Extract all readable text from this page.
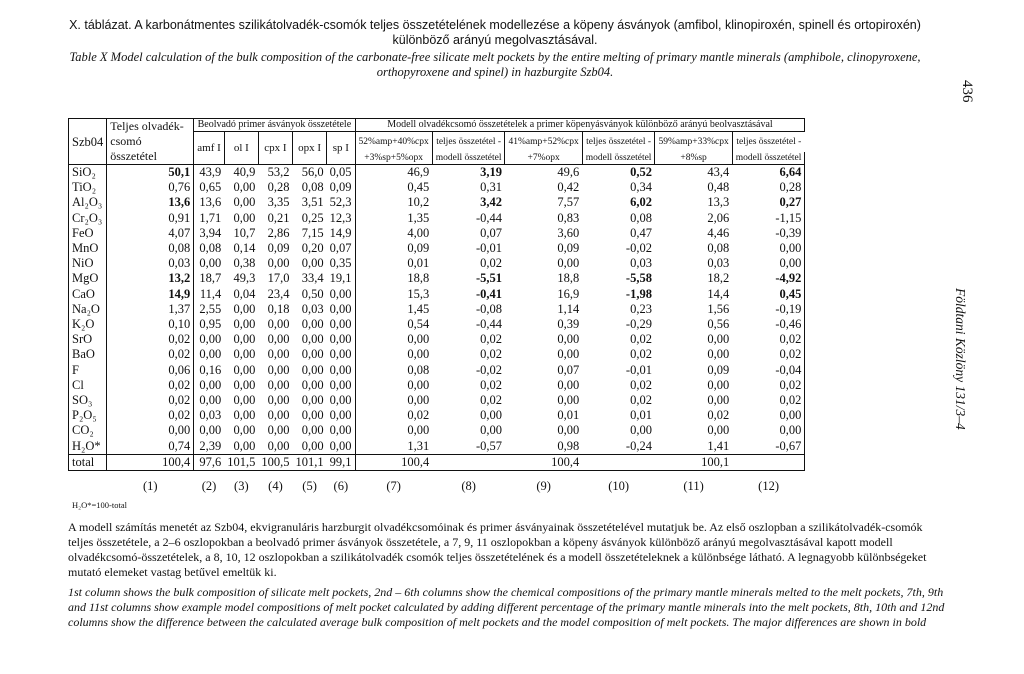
X. táblázat. A karbonátmentes szilikátolvadék-csomók teljes összetételének modellezése a köpeny ásványok (amfibol, klinopiroxén, spinell és ortopiroxén) különböző arányú megolvasztásával.
Table X Model calculation of the bulk composition of the carbonate-free silicate melt pockets by the entire melting of primary mantle minerals (amphibole, clinopyroxene, orthopyroxene and spinel) in hazburgite Szb04.
436
Földtani Közlöny 131/3–4
Szb04	Teljes olvadék-csomó összetétel	Beolvadó primer ásványok összetétele					Modell olvadékcsomó összetételek a primer köpenyásványok különböző arányú beolvasztásával					
		amf I	ol I	cpx I	opx I	sp I	52%amp+40%cpx	teljes összetétel -	41%amp+52%cpx	teljes összetétel -	59%amp+33%cpx	teljes összetétel -
							+3%sp+5%opx	modell összetétel	+7%opx	modell összetétel	+8%sp	modell összetétel
SiO₂	50,1	43,9	40,9	53,2	56,0	0,05	46,9	3,19	49,6	0,52	43,4	6,64
TiO₂	0,76	0,65	0,00	0,28	0,08	0,09	0,45	0,31	0,42	0,34	0,48	0,28
Al₂O₃	13,6	13,6	0,00	3,35	3,51	52,3	10,2	3,42	7,57	6,02	13,3	0,27
Cr₂O₃	0,91	1,71	0,00	0,21	0,25	12,3	1,35	-0,44	0,83	0,08	2,06	-1,15
FeO	4,07	3,94	10,7	2,86	7,15	14,9	4,00	0,07	3,60	0,47	4,46	-0,39
MnO	0,08	0,08	0,14	0,09	0,20	0,07	0,09	-0,01	0,09	-0,02	0,08	0,00
NiO	0,03	0,00	0,38	0,00	0,00	0,35	0,01	0,02	0,00	0,03	0,03	0,00
MgO	13,2	18,7	49,3	17,0	33,4	19,1	18,8	-5,51	18,8	-5,58	18,2	-4,92
CaO	14,9	11,4	0,04	23,4	0,50	0,00	15,3	-0,41	16,9	-1,98	14,4	0,45
Na₂O	1,37	2,55	0,00	0,18	0,03	0,00	1,45	-0,08	1,14	0,23	1,56	-0,19
K₂O	0,10	0,95	0,00	0,00	0,00	0,00	0,54	-0,44	0,39	-0,29	0,56	-0,46
SrO	0,02	0,00	0,00	0,00	0,00	0,00	0,00	0,02	0,00	0,02	0,00	0,02
BaO	0,02	0,00	0,00	0,00	0,00	0,00	0,00	0,02	0,00	0,02	0,00	0,02
F	0,06	0,16	0,00	0,00	0,00	0,00	0,08	-0,02	0,07	-0,01	0,09	-0,04
Cl	0,02	0,00	0,00	0,00	0,00	0,00	0,00	0,02	0,00	0,02	0,00	0,02
SO₃	0,02	0,00	0,00	0,00	0,00	0,00	0,00	0,02	0,00	0,02	0,00	0,02
P₂O₅	0,02	0,03	0,00	0,00	0,00	0,00	0,02	0,00	0,01	0,01	0,02	0,00
CO₂	0,00	0,00	0,00	0,00	0,00	0,00	0,00	0,00	0,00	0,00	0,00	0,00
H₂O*	0,74	2,39	0,00	0,00	0,00	0,00	1,31	-0,57	0,98	-0,24	1,41	-0,67
total	100,4	97,6	101,5	100,5	101,1	99,1	100,4		100,4		100,1	
	(1)	(2)	(3)	(4)	(5)	(6)	(7)	(8)	(9)	(10)	(11)	(12)
H₂O*=100-total
A modell számítás menetét az Szb04, ekvigranuláris harzburgit olvadékcsomóinak és primer ásványainak összetételével mutatjuk be. Az első oszlopban a szilikátolvadék-csomók teljes összetétele, a 2–6 oszlopokban a beolvadó primer ásványok összetétele, a 7, 9, 11 oszlopokban a köpeny ásványok különböző arányú megolvasztásával kapott modell olvadékcsomó-összetételek, a 8, 10, 12 oszlopokban a szilikátolvadék csomók teljes összetételének és a modell összetételeknek a különbsége látható. A legnagyobb különbségeket mutató elemeket vastag betűvel emeltük ki.
1st column shows the bulk composition of silicate melt pockets, 2nd – 6th columns show the chemical compositions of the primary mantle minerals melted to the melt pockets, 7th, 9th and 11st columns show example model compositions of melt pocket calculated by adding different percentage of the primary mantle minerals into the melt pockets, 8th, 10th and 12nd columns show the difference between the calculated average bulk composition of melt pockets and the model composition of melt pockets. The major differences are shown in bold
